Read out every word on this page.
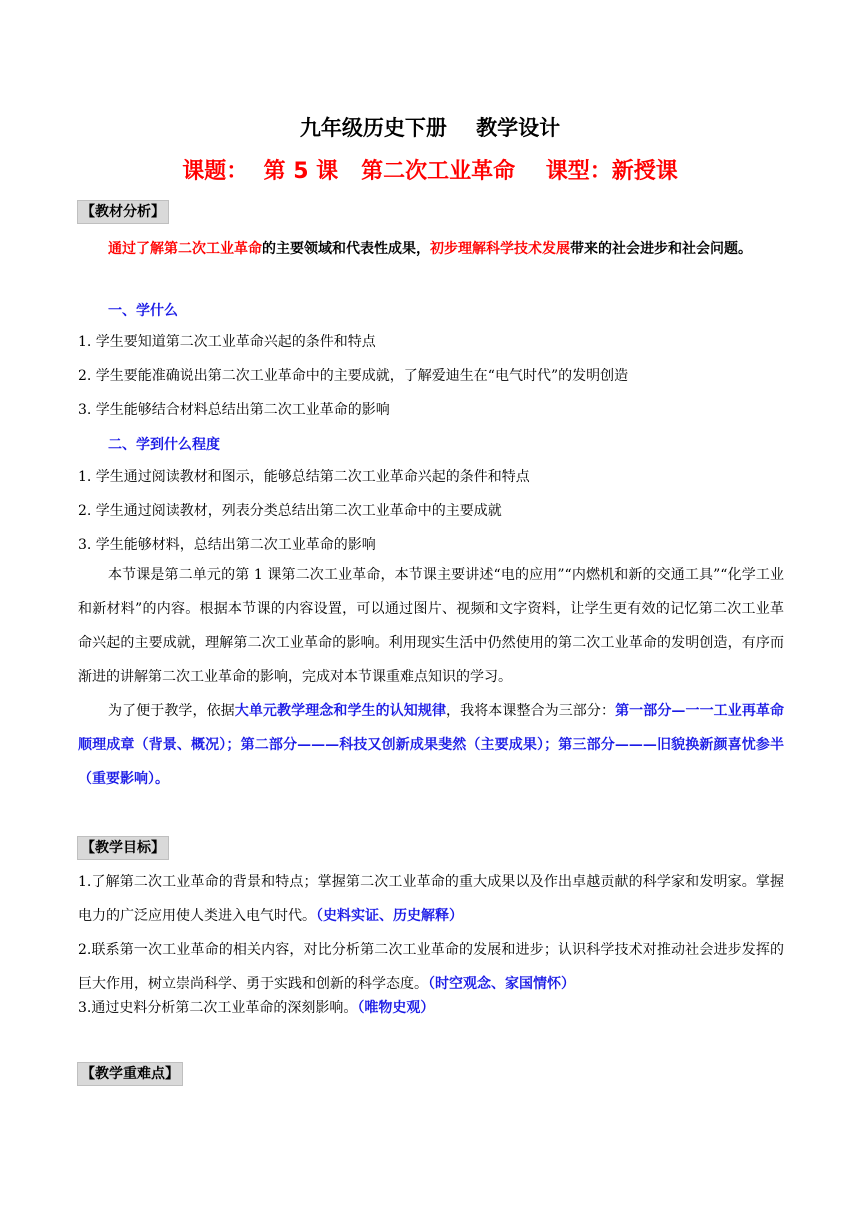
九年级历史下册    教学设计
课题：  第 5 课   第二次工业革命    课型：新授课
【教材分析】
通过了解第二次工业革命的主要领域和代表性成果，初步理解科学技术发展带来的社会进步和社会问题。
一、学什么
1. 学生要知道第二次工业革命兴起的条件和特点
2. 学生要能准确说出第二次工业革命中的主要成就，了解爱迪生在“电气时代”的发明创造
3. 学生能够结合材料总结出第二次工业革命的影响
二、学到什么程度
1. 学生通过阅读教材和图示，能够总结第二次工业革命兴起的条件和特点
2. 学生通过阅读教材，列表分类总结出第二次工业革命中的主要成就
3. 学生能够材料，总结出第二次工业革命的影响
本节课是第二单元的第 1 课第二次工业革命，本节课主要讲述“电的应用”“内燃机和新的交通工具”“化学工业和新材料”的内容。根据本节课的内容设置，可以通过图片、视频和文字资料，让学生更有效的记忆第二次工业革命兴起的主要成就，理解第二次工业革命的影响。利用现实生活中仍然使用的第二次工业革命的发明创造，有序而渐进的讲解第二次工业革命的影响，完成对本节课重难点知识的学习。
为了便于教学，依据大单元教学理念和学生的认知规律，我将本课整合为三部分：第一部分—一一工业再革命顺理成章（背景、概况）；第二部分———科技又创新成果斐然（主要成果）；第三部分———旧貌换新颜喜忧参半（重要影响）。
【教学目标】
1.了解第二次工业革命的背景和特点；掌握第二次工业革命的重大成果以及作出卓越贡献的科学家和发明家。掌握电力的广泛应用使人类进入电气时代。（史料实证、历史解释）
2.联系第一次工业革命的相关内容，对比分析第二次工业革命的发展和进步；认识科学技术对推动社会进步发挥的巨大作用，树立崇尚科学、勇于实践和创新的科学态度。（时空观念、家国情怀）
3.通过史料分析第二次工业革命的深刻影响。（唯物史观）
【教学重难点】
